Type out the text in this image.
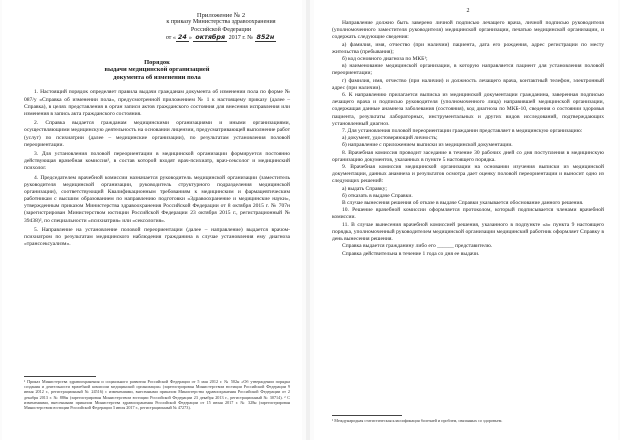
Приложение № 2
к приказу Министерства здравоохранения
Российской Федерации
от « 24 » октября 2017 г. № 852н
Порядок
выдачи медицинской организацией
документа об изменении пола

1. Настоящий порядок определяет правила выдачи гражданам документа об изменении пола по форме № 087/у «Справка об изменении пола», предусмотренной приложением № 1 к настоящему приказу (далее – Справка), в целях представления в орган записи актов гражданского состояния для внесения исправления или изменения в запись акта гражданского состояния.

2. Справка выдается гражданам медицинскими организациями и иными организациями, осуществляющими медицинскую деятельность на основании лицензии, предусматривающей выполнение работ (услуг) по психиатрии (далее – медицинские организации), по результатам установления половой переориентации.

3. Для установления половой переориентации в медицинской организации формируется постоянно действующая врачебная комиссия¹, в состав которой входят врач-психиатр, врач-сексолог и медицинский психолог.

4. Председателем врачебной комиссии назначается руководитель медицинской организации (заместитель руководителя медицинской организации, руководитель структурного подразделения медицинской организации), соответствующий Квалификационным требованиям к медицинским и фармацевтическим работникам с высшим образованием по направлению подготовки «Здравоохранение и медицинские науки», утвержденным приказом Министерства здравоохранения Российской Федерации от 8 октября 2015 г. № 707н (зарегистрирован Министерством юстиции Российской Федерации 23 октября 2015 г., регистрационный № 39438)², по специальности «психиатрия» или «сексология».

5. Направление на установление половой переориентации (далее – направление) выдается врачом-психиатром по результатам медицинского наблюдения гражданина в случае установления ему диагноза «транссексуализм».

¹ Приказ Министерства здравоохранения и социального развития Российской Федерации от 5 мая 2012 г. № 502н «Об утверждении порядка создания и деятельности врачебной комиссии медицинской организации» (зарегистрирован Министерством юстиции Российской Федерации 9 июня 2012 г., регистрационный № 24516) с изменениями, внесенными приказом Министерства здравоохранения Российской Федерации от 2 декабря 2013 г. № 886н (зарегистрирован Министерством юстиции Российской Федерации 23 декабря 2013 г., регистрационный № 30714). ² С изменениями, внесенными приказом Министерства здравоохранения Российской Федерации от 15 июня 2017 г. № 328н (зарегистрирован Министерством юстиции Российской Федерации 3 июля 2017 г., регистрационный № 47273).
2

Направление должно быть заверено личной подписью лечащего врача, личной подписью руководителя (уполномоченного заместителя руководителя) медицинской организации, печатью медицинской организации, и содержать следующие сведения:

а) фамилия, имя, отчество (при наличии) пациента, дата его рождения, адрес регистрации по месту жительства (пребывания);

б) код основного диагноза по МКБ¹;

в) наименование медицинской организации, в которую направляется пациент для установления половой переориентации;

г) фамилия, имя, отчество (при наличии) и должность лечащего врача, контактный телефон, электронный адрес (при наличии).

6. К направлению прилагается выписка из медицинской документации гражданина, заверенная подписью лечащего врача и подписью руководителя (уполномоченного лица) направившей медицинской организации, содержащая данные анамнеза заболевания (состояния), код диагноза по МКБ-10, сведения о состоянии здоровья пациента, результаты лабораторных, инструментальных и других видов исследований, подтверждающих установленный диагноз.

7. Для установления половой переориентации гражданин представляет в медицинскую организацию:

а) документ, удостоверяющий личность;

б) направление с приложением выписки из медицинской документации.

8. Врачебная комиссия проводит заседание в течение 30 рабочих дней со дня поступления в медицинскую организацию документов, указанных в пункте 5 настоящего порядка.

9. Врачебная комиссия медицинской организации на основании изучения выписки из медицинской документации, данных анамнеза и результатов осмотра дает оценку половой переориентации и выносит одно из следующих решений:

а) выдать Справку;

б) отказать в выдаче Справки.

В случае вынесения решения об отказе в выдаче Справки указывается обоснование данного решения.

10. Решение врачебной комиссии оформляется протоколом, который подписывается членами врачебной комиссии.

11. В случае вынесения врачебной комиссией решения, указанного в подпункте «а» пункта 9 настоящего порядка, уполномоченный руководителем медицинской организации медицинский работник оформляет Справку в день вынесения решения.

Справка выдается гражданину либо его ______ представителю.

Справка действительна в течение 1 года со дня ее выдачи.

¹ Международная статистическая классификация болезней и проблем, связанных со здоровьем.
